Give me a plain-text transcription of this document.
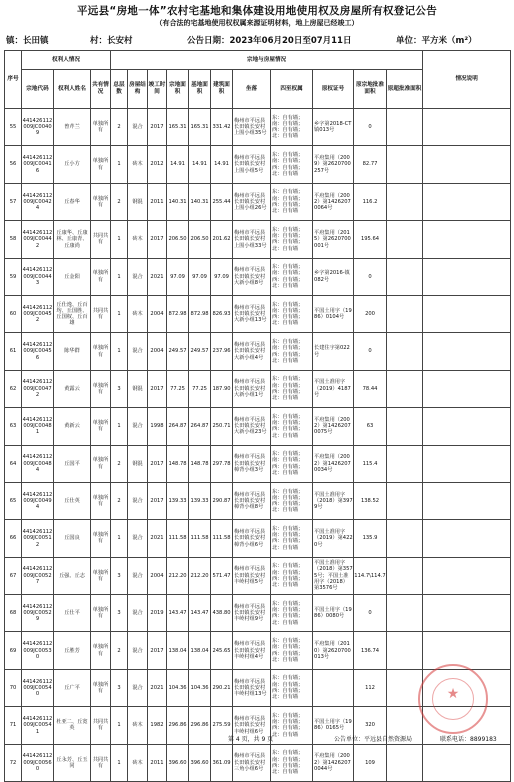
平远县“房地一体”农村宅基地和集体建设用地使用权及房屋所有权登记公告
（有合法的宅基地使用权权属来源证明材料，地上房屋已经竣工）
镇：长田镇	村：长安村	公告日期：2023年06月20日至07月11日	单位：平方米（m²）
序号	权利人情况			宗地与房屋情况											情况说明
	宗地代码	权利人姓名	共有情况	总层数	房屋结构	竣工时间	宗地面积	基地面积	建筑面积	坐落	四至权属	原权证号	原宗地批准面积	原超批准面积	
55	441426112009JC00409	曾芹兰	单独所有	2	混合	2017	165.31	165.31	331.42	梅州市平远县长田镇长安村上围小组35号	东：自有墙；南：自有墙；西：自有墙；北：自有墙	乡字第2018-CT镇013号	0		
56	441426112009JC00416	丘小方	单独所有	1	砖木	2012	14.91	14.91	14.91	梅州市平远县长田镇长安村上围小组5号	东：自有墙；南：自有墙；西：自有墙；北：自有墙	平府集用（2009）第2620700257号	82.77		
57	441426112009JC00424	丘春华	单独所有	2	钢混	2011	140.31	140.31	255.44	梅州市平远县长田镇长安村上围小组26号	东：自有墙；南：自有墙；西：自有墙；北：自有墙	平府集用（2002）第14262070064号	116.2		
58	441426112009JC00442	丘康华、丘康林、丘康青、丘康尚	共同共有	1	砖木	2017	206.50	206.50	201.62	梅州市平远县长田镇长安村上围小组33号	东：自有墙；南：自有墙；西：自有墙；北：自有墙	平府集用（2015）第2620700001号	195.64		
59	441426112009JC00443	丘金阳	单独所有	1	混合	2021	97.09	97.09	97.09	梅州市平远县长田镇长安村大新小组8号	东：自有墙；南：自有墙；西：自有墙；北：自有墙	乡字第2016-镇082号	0		
60	441426112009JC00452	丘仕逸、丘百均、丘国胜、丘国权、丘百雄	共同共有	1	砖木	2004	872.98	872.98	826.93	梅州市平远县长田镇长安村大新小组13号	东：自有墙；南：自有墙；西：自有墙；北：自有墙	平国土用字（1986）0104号	200		
61	441426112009JC00456	陈华群	单独所有	1	混合	2004	249.57	249.57	237.96	梅州市平远县长田镇长安村大新小组4号	东：自有墙；南：自有墙；西：自有墙；北：自有墙	长建住字第022号	0		
62	441426112009JC00472	黄露云	单独所有	3	钢混	2017	77.25	77.25	187.90	梅州市平远县长田镇长安村大新小组1号	东：自有墙；南：自有墙；西：自有墙；北：自有墙	平国土准用字（2019）4187号	78.44		
63	441426112009JC00481	黄新云	单独所有	1	混合	1998	264.87	264.87	250.71	梅州市平远县长田镇长安村大新小组23号	东：自有墙；南：自有墙；西：自有墙；北：自有墙	平府集用（2002）第14262070075号	63		
64	441426112009JC00484	丘国平	单独所有	2	钢混	2017	148.78	148.78	297.78	梅州市平远县长田镇长安村樟背小组3号	东：自有墙；南：自有墙；西：自有墙；北：自有墙	平府集用（2002）第14262070034号	115.4		
65	441426112009JC00494	丘仕英	单独所有	2	混合	2017	139.33	139.33	290.87	梅州市平远县长田镇长安村樟背小组8号	东：自有墙；南：自有墙；西：自有墙；北：自有墙	平国土准用字（2018）第3979号	138.52		
66	441426112009JC00512	丘国良	单独所有	1	混合	2021	111.58	111.58	111.58	梅州市平远县长田镇长安村樟背小组6号	东：自有墙；南：自有墙；西：自有墙；北：自有墙	平国土准用字（2019）第4220号	135.9		
67	441426112009JC00527	丘强、丘志	单独所有	3	混合	2004	212.20	212.20	571.47	梅州市平远县长田镇长安村丰岭村组5号	东：自有墙；南：自有墙；西：自有墙；北：自有墙	平国土准用字（2018）第3575号；平国土准用字（2018）第3576号	114.7\114.7		
68	441426112009JC00529	丘仕平	单独所有	3	混合	2019	143.47	143.47	438.80	梅州市平远县长田镇长安村丰岭村组9号	东：自有墙；南：自有墙；西：自有墙；北：自有墙	平国土用字（1986）0080号	0		
69	441426112009JC00530	丘胜芳	单独所有	2	混合	2017	138.04	138.04	245.65	梅州市平远县长田镇长安村丰岭村组4号	东：自有墙；南：自有墙；西：自有墙；北：自有墙	平府集用（2010）第2620700013号	136.74		
70	441426112009JC00540	丘广平	单独所有	3	混合	2021	104.36	104.36	290.21	梅州市平远县长田镇长安村丰岭村组13号	东：自有墙；南：自有墙；西：自有墙；北：自有墙		112		
71	441426112009JC00541	杜亚二、丘宽英	共同共有	1	砖木	1982	296.86	296.86	275.59	梅州市平远县长田镇长安村丰岭村组6号	东：自有墙；南：自有墙；西：自有墙；北：自有墙	平国土用字（1986）0165号	320		
72	441426112009JC00560	丘永芳、丘玉同	共同共有	1	砖木	2011	396.60	396.60	361.09	梅州市平远县长田镇长安村三角小组6号	东：自有墙；南：自有墙；西：自有墙；北：自有墙	平府集用（2002）第14262070044号	109		
★
第 4 页，共 9 页	公告单位：平远县自然资源局	联系电话：8899183
